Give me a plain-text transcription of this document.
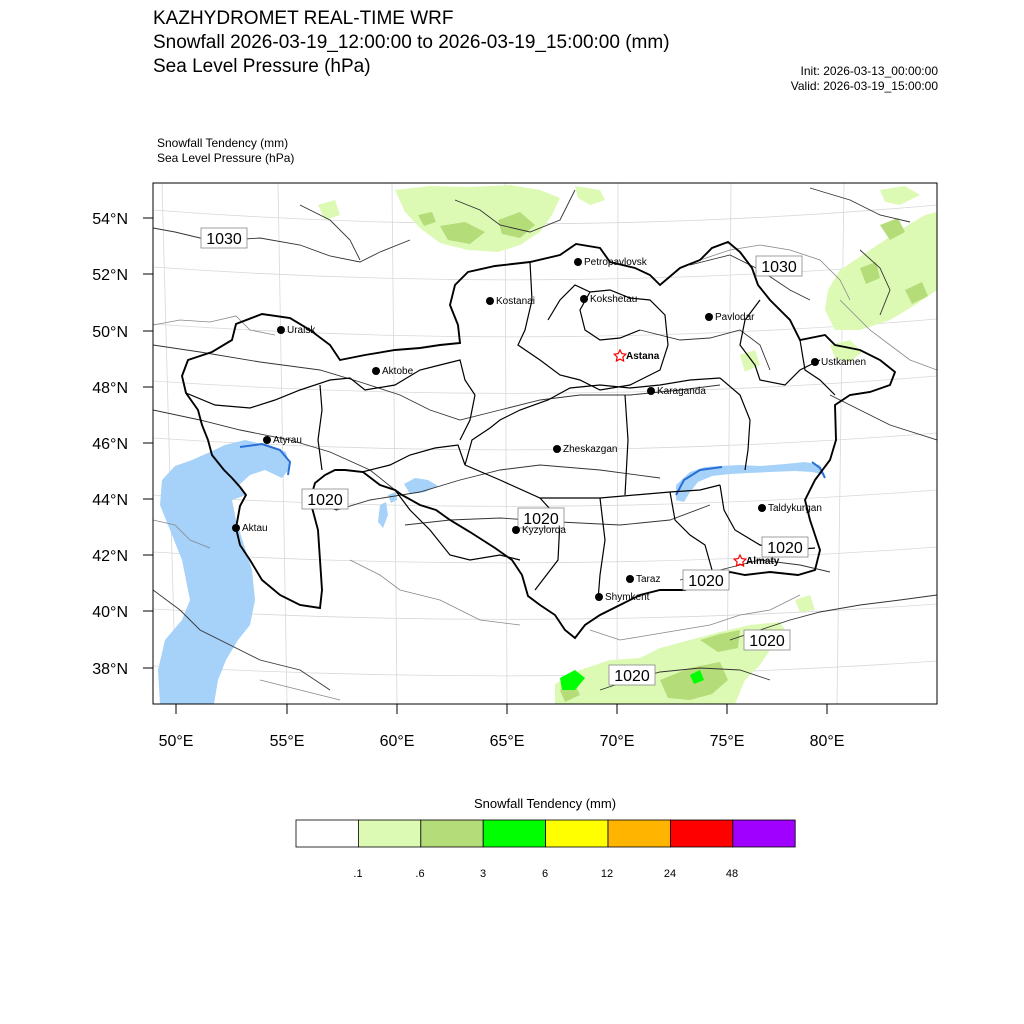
KAZHYDROMET REAL-TIME WRF
Snowfall 2026-03-19_12:00:00 to 2026-03-19_15:00:00 (mm)
Sea Level Pressure (hPa)	Init: 2026-03-13_00:00:00
Valid: 2026-03-19_15:00:00
Snowfall Tendency (mm)
Sea Level Pressure (hPa)
54°N
52°N
50°N
48°N
46°N
44°N
42°N
40°N
38°N
50°E	55°E	60°E	65°E	70°E	75°E	80°E
1030
1030
1020
1020
1020
1020
1020
1020
Petropavlovsk
Kostanai	Kokshetau
Pavlodar
Uralsk
Astana
Ustkamen
Aktobe
Karaganda
Atyrau
Zheskazgan
Taldykurgan
Aktau	Kyzylorda
Almaty
Taraz
Shymkent
Snowfall Tendency (mm)
.1	.6	3	6	12	24	48
